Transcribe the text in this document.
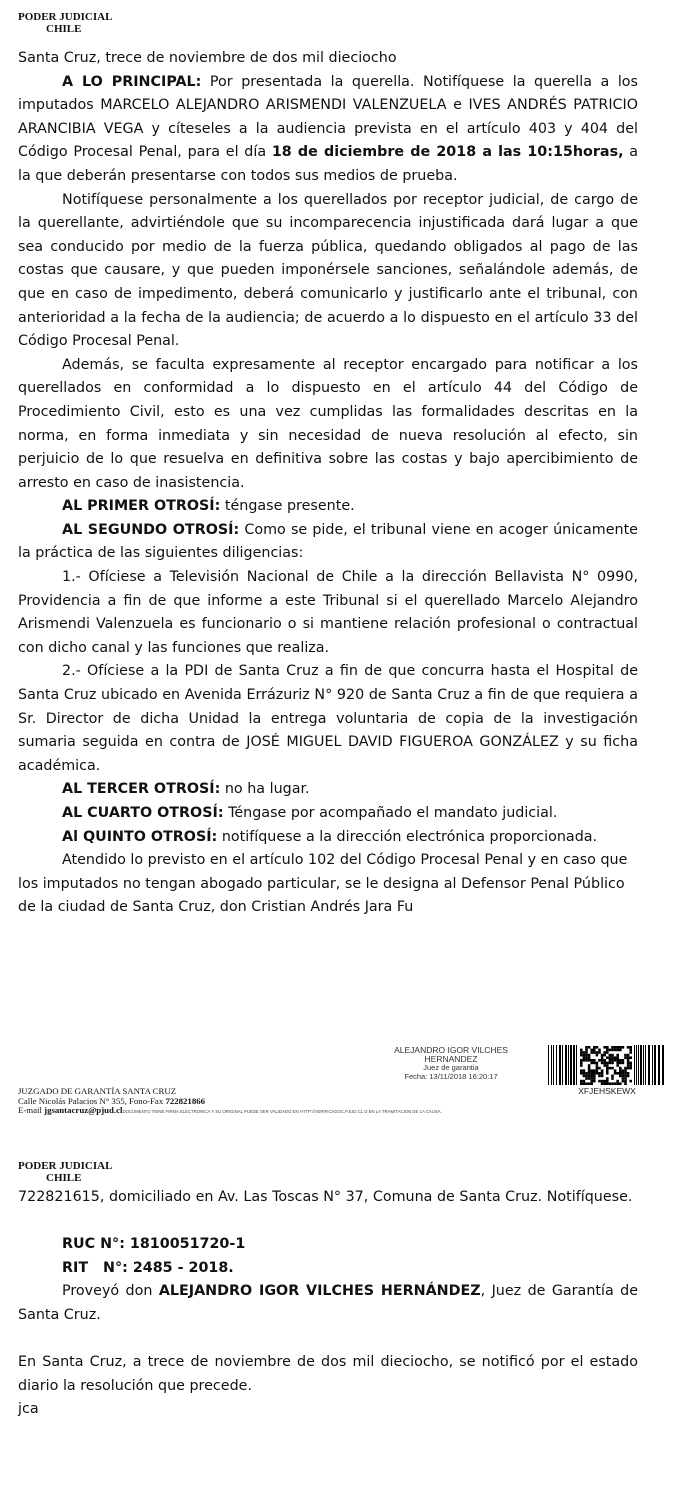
PODER JUDICIAL

CHILE

Santa Cruz, trece de noviembre de dos mil dieciocho

A LO PRINCIPAL: Por presentada la querella. Notifíquese la querella a los imputados MARCELO ALEJANDRO ARISMENDI VALENZUELA e IVES ANDRÉS PATRICIO ARANCIBIA VEGA y cíteseles a la audiencia prevista en el artículo 403 y 404 del Código Procesal Penal, para el día 18 de diciembre de 2018 a las 10:15horas, a la que deberán presentarse con todos sus medios de prueba.

Notifíquese personalmente a los querellados por receptor judicial, de cargo de la querellante, advirtiéndole que su incomparecencia injustificada dará lugar a que sea conducido por medio de la fuerza pública, quedando obligados al pago de las costas que causare, y que pueden imponérsele sanciones, señalándole además, de que en caso de impedimento, deberá comunicarlo y justificarlo ante el tribunal, con anterioridad a la fecha de la audiencia; de acuerdo a lo dispuesto en el artículo 33 del Código Procesal Penal.

Además, se faculta expresamente al receptor encargado para notificar a los querellados en conformidad a lo dispuesto en el artículo 44 del Código de Procedimiento Civil, esto es una vez cumplidas las formalidades descritas en la norma, en forma inmediata y sin necesidad de nueva resolución al efecto, sin perjuicio de lo que resuelva en definitiva sobre las costas y bajo apercibimiento de arresto en caso de inasistencia.

AL PRIMER OTROSÍ: téngase presente.

AL SEGUNDO OTROSÍ: Como se pide, el tribunal viene en acoger únicamente la práctica de las siguientes diligencias:

1.- Ofíciese a Televisión Nacional de Chile a la dirección Bellavista N° 0990, Providencia a fin de que informe a este Tribunal si el querellado Marcelo Alejandro Arismendi Valenzuela es funcionario o si mantiene relación profesional o contractual con dicho canal y las funciones que realiza.

2.- Ofíciese a la PDI de Santa Cruz a fin de que concurra hasta el Hospital de Santa Cruz ubicado en Avenida Errázuriz N° 920 de Santa Cruz a fin de que requiera a Sr. Director de dicha Unidad la entrega voluntaria de copia de la investigación sumaria seguida en contra de JOSÉ MIGUEL DAVID FIGUEROA GONZÁLEZ y su ficha académica.

AL TERCER OTROSÍ: no ha lugar.

AL CUARTO OTROSÍ: Téngase por acompañado el mandato judicial.

Al QUINTO OTROSÍ: notifíquese a la dirección electrónica proporcionada.

Atendido lo previsto en el artículo 102 del Código Procesal Penal y en caso que los imputados no tengan abogado particular, se le designa al Defensor Penal Público de la ciudad de Santa Cruz, don Cristian Andrés Jara Fu

ALEJANDRO IGOR VILCHES
HERNANDEZ
Juez de garantia
Fecha: 13/11/2018 16:20:17
XFJEHSKEWX
JUZGADO DE GARANTÍA SANTA CRUZ
Calle Nicolás Palacios N° 355, Fono-Fax 722821866
E-mail jgsantacruz@pjud.clDOCUMENTO TIENE FIRMA ELECTRONICA Y SU ORIGINAL PUEDE SER VALIDADO EN HTTP://VERIFICADOC.PJUD.CL O EN LA TRAMITACION DE LA CAUSA.
PODER JUDICIAL

CHILE

722821615, domiciliado en Av. Las Toscas N° 37, Comuna de Santa Cruz. Notifíquese.

RUC N°: 1810051720-1

RIT   N°: 2485 - 2018.

Proveyó don ALEJANDRO IGOR VILCHES HERNÁNDEZ, Juez de Garantía de Santa Cruz.

En Santa Cruz, a trece de noviembre de dos mil dieciocho, se notificó por el estado diario la resolución que precede.

jca
